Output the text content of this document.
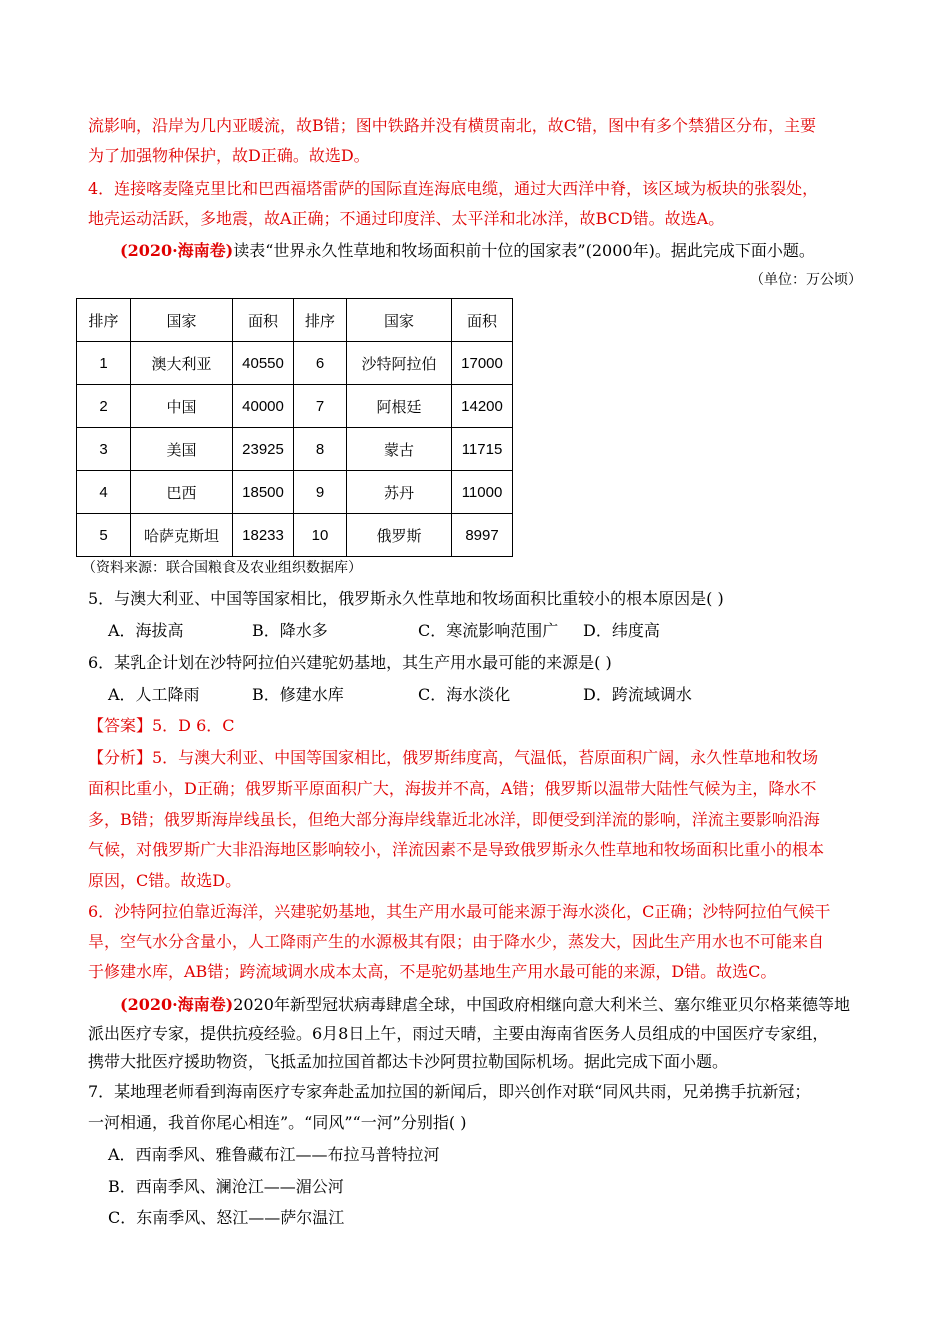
流影响，沿岸为几内亚暖流，故B错；图中铁路并没有横贯南北，故C错，图中有多个禁猎区分布，主要
为了加强物种保护，故D正确。故选D。
4．连接喀麦隆克里比和巴西福塔雷萨的国际直连海底电缆，通过大西洋中脊，该区域为板块的张裂处，
地壳运动活跃，多地震，故A正确；不通过印度洋、太平洋和北冰洋，故BCD错。故选A。
(2020·海南卷)读表“世界永久性草地和牧场面积前十位的国家表”(2000年)。据此完成下面小题。
（单位：万公顷）
排序	国家	面积	排序	国家	面积
1	澳大利亚	40550	6	沙特阿拉伯	17000
2	中国	40000	7	阿根廷	14200
3	美国	23925	8	蒙古	11715
4	巴西	18500	9	苏丹	11000
5	哈萨克斯坦	18233	10	俄罗斯	8997
（资料来源：联合国粮食及农业组织数据库）
5．与澳大利亚、中国等国家相比，俄罗斯永久性草地和牧场面积比重较小的根本原因是( )
A．海拔高	B．降水多	C．寒流影响范围广 D．纬度高
6．某乳企计划在沙特阿拉伯兴建驼奶基地，其生产用水最可能的来源是( )
A．人工降雨	B．修建水库	C．海水淡化	D．跨流域调水
【答案】5．D 6．C
【分析】5．与澳大利亚、中国等国家相比，俄罗斯纬度高，气温低，苔原面积广阔，永久性草地和牧场
面积比重小，D正确；俄罗斯平原面积广大，海拔并不高，A错；俄罗斯以温带大陆性气候为主，降水不
多，B错；俄罗斯海岸线虽长，但绝大部分海岸线靠近北冰洋，即便受到洋流的影响，洋流主要影响沿海
气候，对俄罗斯广大非沿海地区影响较小，洋流因素不是导致俄罗斯永久性草地和牧场面积比重小的根本
原因，C错。故选D。
6．沙特阿拉伯靠近海洋，兴建驼奶基地，其生产用水最可能来源于海水淡化，C正确；沙特阿拉伯气候干
旱，空气水分含量小，人工降雨产生的水源极其有限；由于降水少，蒸发大，因此生产用水也不可能来自
于修建水库，AB错；跨流域调水成本太高，不是驼奶基地生产用水最可能的来源，D错。故选C。
(2020·海南卷)2020年新型冠状病毒肆虐全球，中国政府相继向意大利米兰、塞尔维亚贝尔格莱德等地
派出医疗专家，提供抗疫经验。6月8日上午，雨过天晴，主要由海南省医务人员组成的中国医疗专家组，
携带大批医疗援助物资，飞抵孟加拉国首都达卡沙阿贯拉勒国际机场。据此完成下面小题。
7．某地理老师看到海南医疗专家奔赴孟加拉国的新闻后，即兴创作对联“同风共雨，兄弟携手抗新冠；
一河相通，我首你尾心相连”。“同风”“一河”分别指( )
A．西南季风、雅鲁藏布江——布拉马普特拉河
B．西南季风、澜沧江——湄公河
C．东南季风、怒江——萨尔温江
